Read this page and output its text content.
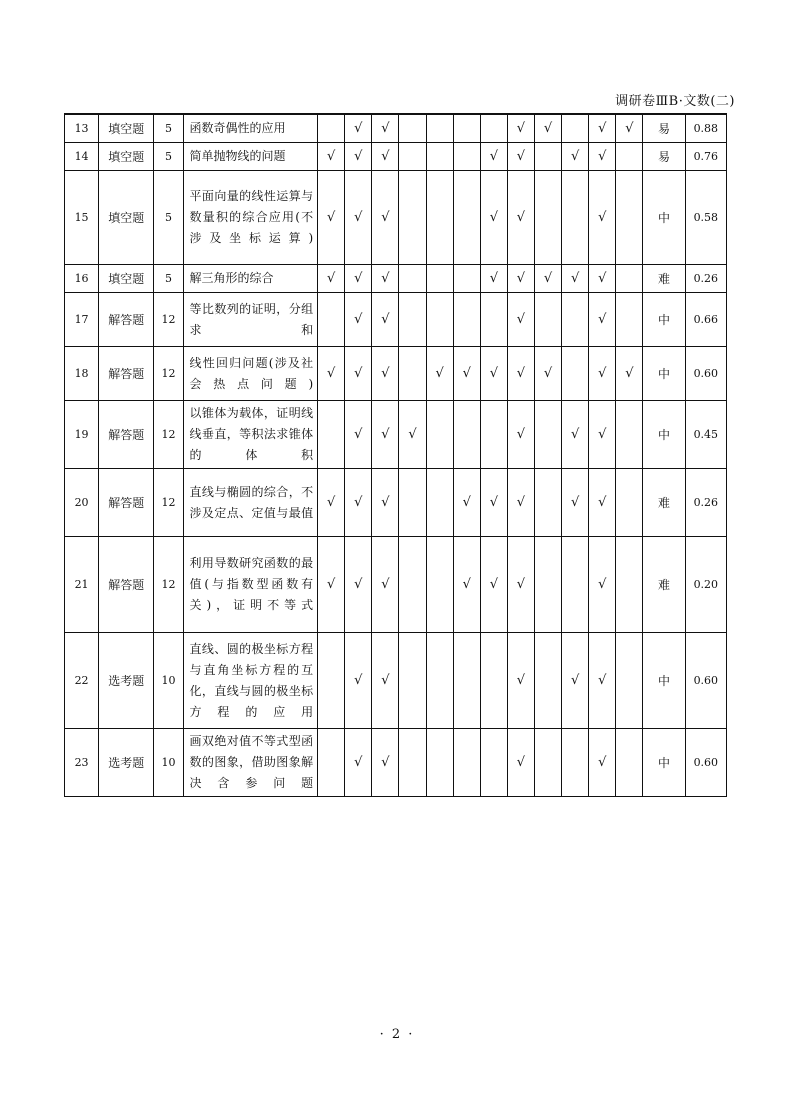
调研卷ⅢB·文数(二)
13	填空题	5	函数奇偶性的应用		√	√					√	√		√	√	易	0.88
14	填空题	5	简单抛物线的问题	√	√	√				√	√		√	√		易	0.76
15	填空题	5	平面向量的线性运算与数量积的综合应用(不涉及坐标运算)	√	√	√				√	√			√		中	0.58
16	填空题	5	解三角形的综合	√	√	√				√	√	√	√	√		难	0.26
17	解答题	12	等比数列的证明，分组求和		√	√					√			√		中	0.66
18	解答题	12	线性回归问题(涉及社会热点问题)	√	√	√		√	√	√	√	√		√	√	中	0.60
19	解答题	12	以锥体为载体，证明线线垂直，等积法求锥体的体积		√	√	√				√		√	√		中	0.45
20	解答题	12	直线与椭圆的综合，不涉及定点、定值与最值	√	√	√			√	√	√		√	√		难	0.26
21	解答题	12	利用导数研究函数的最值(与指数型函数有关)，证明不等式	√	√	√			√	√	√			√		难	0.20
22	选考题	10	直线、圆的极坐标方程与直角坐标方程的互化，直线与圆的极坐标方程的应用		√	√					√		√	√		中	0.60
23	选考题	10	画双绝对值不等式型函数的图象，借助图象解决含参问题		√	√					√			√		中	0.60
· 2 ·
